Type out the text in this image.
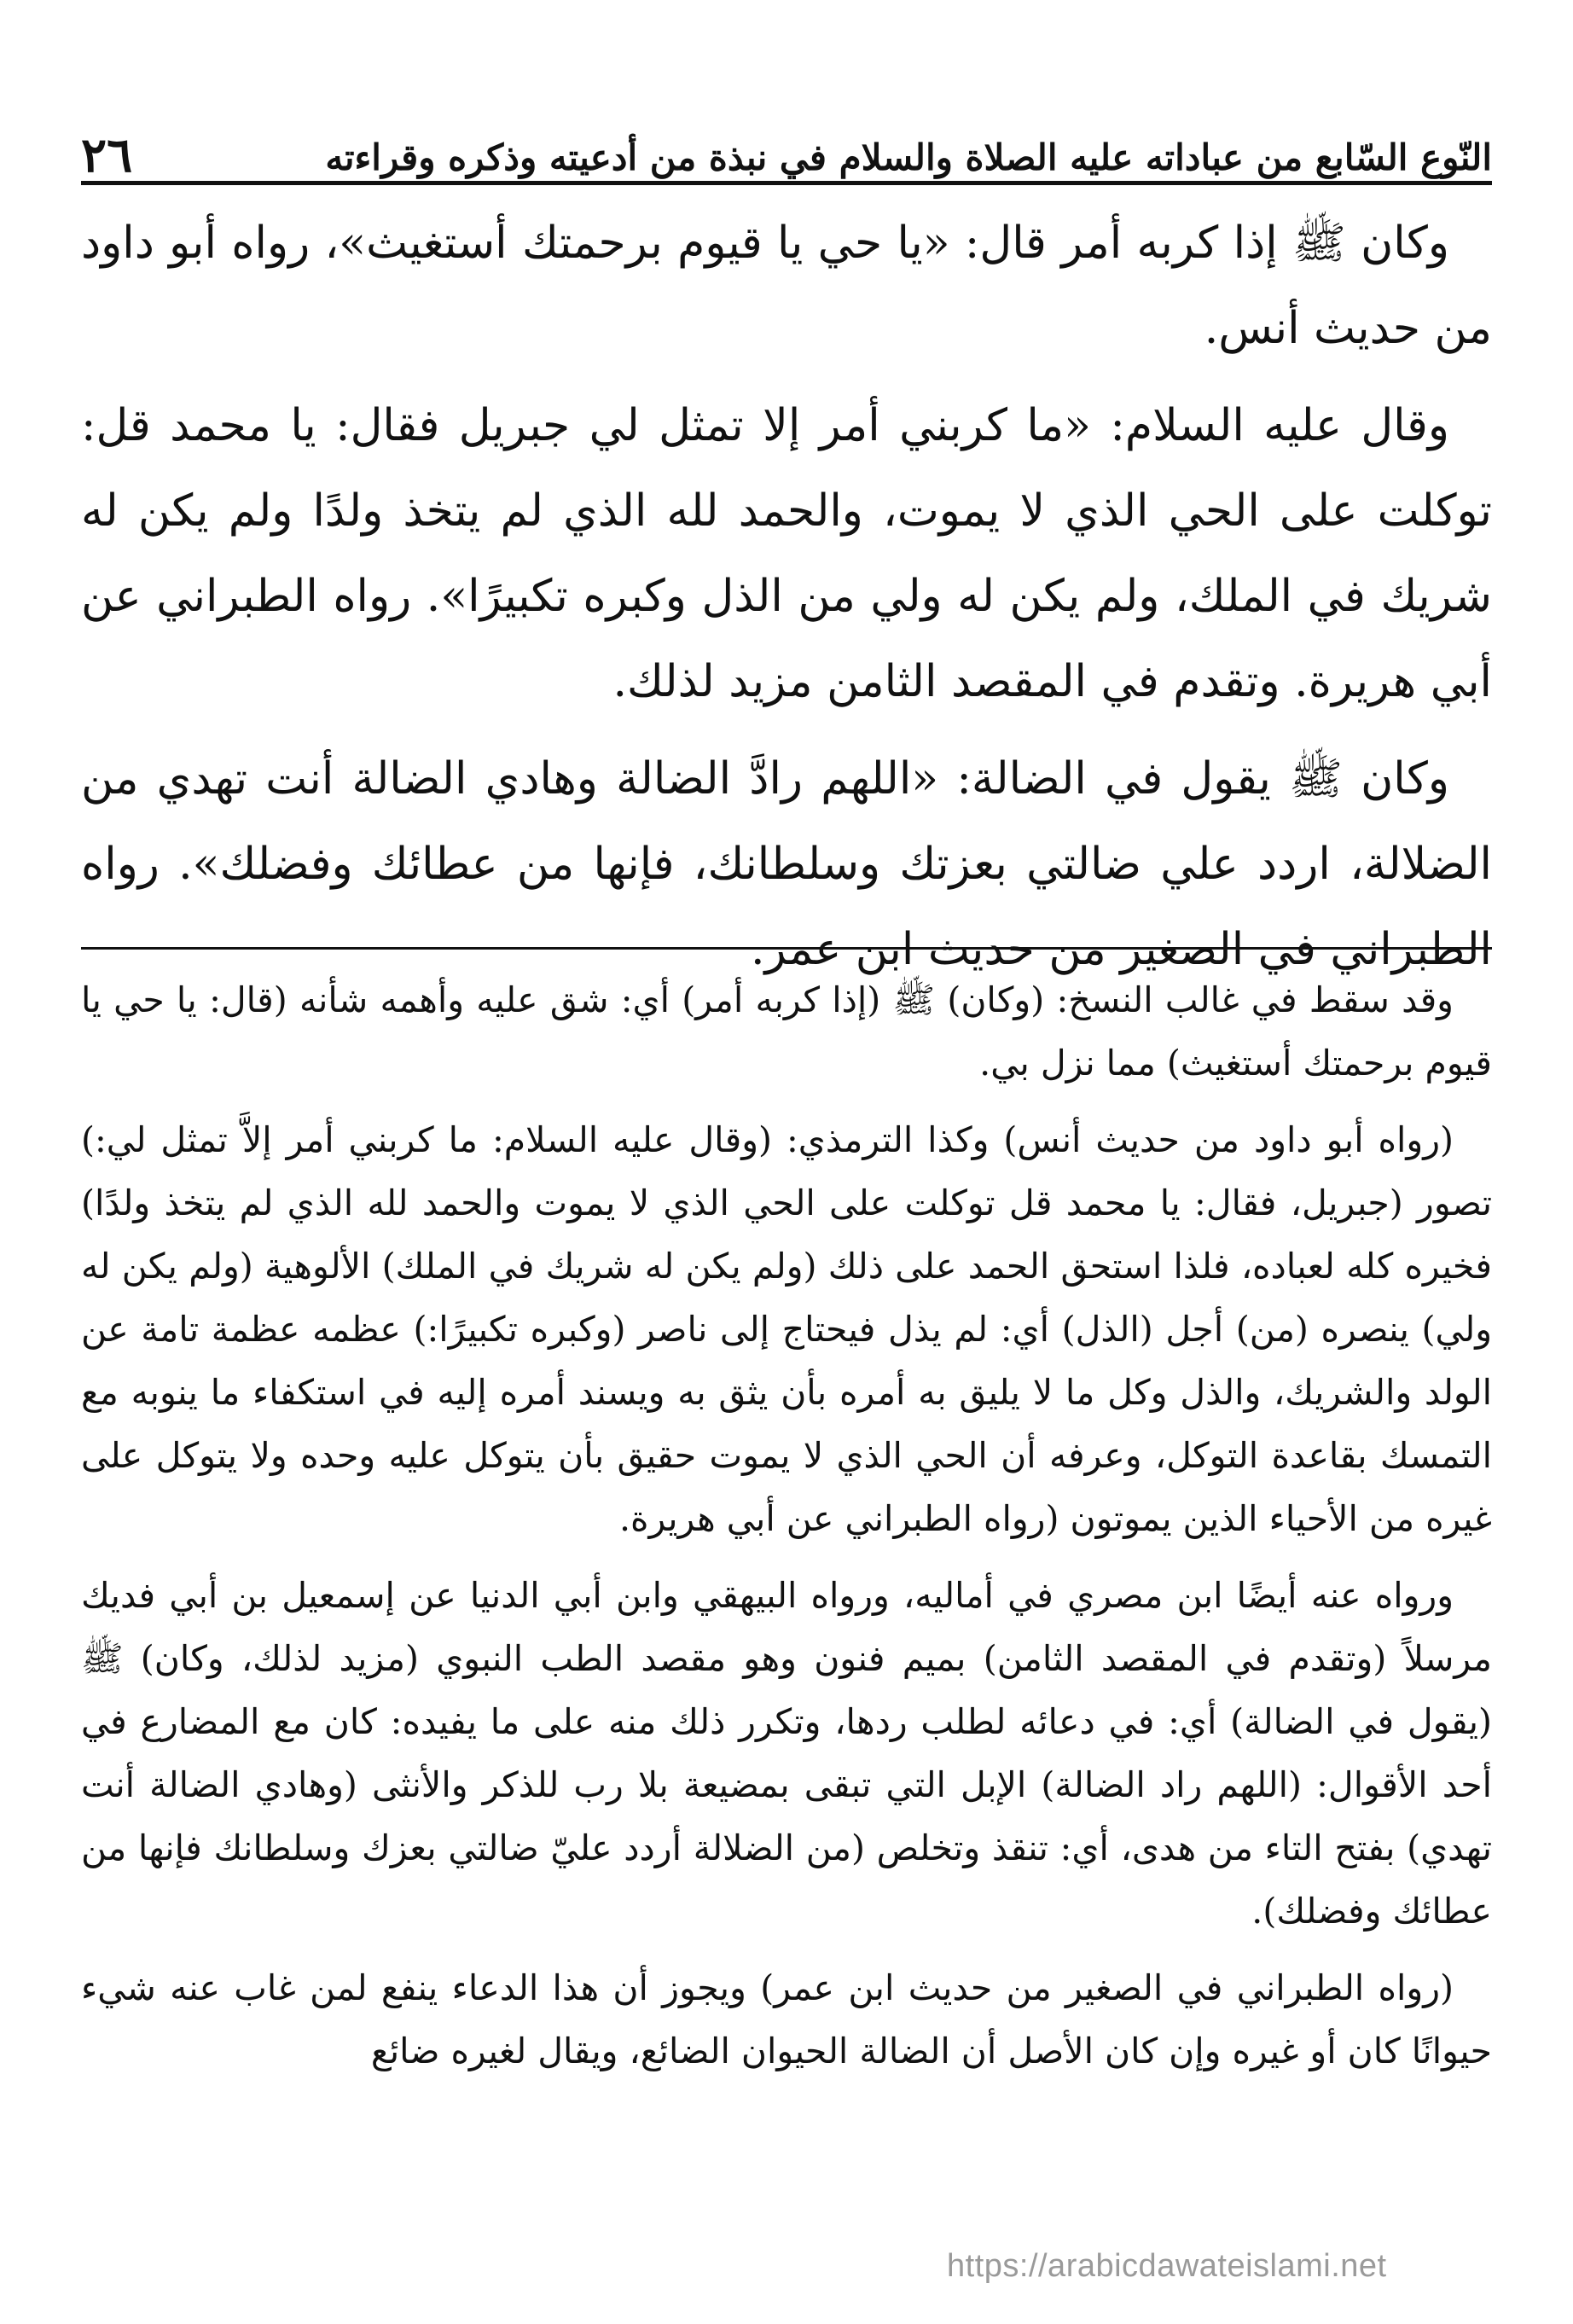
النّوع السّابع من عباداته عليه الصلاة والسلام في نبذة من أدعيته وذكره وقراءته
٢٦

وكان ﷺ إذا كربه أمر قال: «يا حي يا قيوم برحمتك أستغيث»، رواه أبو داود من حديث أنس.

وقال عليه السلام: «ما كربني أمر إلا تمثل لي جبريل فقال: يا محمد قل: توكلت على الحي الذي لا يموت، والحمد لله الذي لم يتخذ ولدًا ولم يكن له شريك في الملك، ولم يكن له ولي من الذل وكبره تكبيرًا». رواه الطبراني عن أبي هريرة. وتقدم في المقصد الثامن مزيد لذلك.

وكان ﷺ يقول في الضالة: «اللهم رادَّ الضالة وهادي الضالة أنت تهدي من الضلالة، اردد علي ضالتي بعزتك وسلطانك، فإنها من عطائك وفضلك». رواه الطبراني في الصغير من حديث ابن عمر.

وقد سقط في غالب النسخ: (وكان) ﷺ (إذا كربه أمر) أي: شق عليه وأهمه شأنه (قال: يا حي يا قيوم برحمتك أستغيث) مما نزل بي.

(رواه أبو داود من حديث أنس) وكذا الترمذي: (وقال عليه السلام: ما كربني أمر إلاَّ تمثل لي:) تصور (جبريل، فقال: يا محمد قل توكلت على الحي الذي لا يموت والحمد لله الذي لم يتخذ ولدًا) فخيره كله لعباده، فلذا استحق الحمد على ذلك (ولم يكن له شريك في الملك) الألوهية (ولم يكن له ولي) ينصره (من) أجل (الذل) أي: لم يذل فيحتاج إلى ناصر (وكبره تكبيرًا:) عظمه عظمة تامة عن الولد والشريك، والذل وكل ما لا يليق به أمره بأن يثق به ويسند أمره إليه في استكفاء ما ينوبه مع التمسك بقاعدة التوكل، وعرفه أن الحي الذي لا يموت حقيق بأن يتوكل عليه وحده ولا يتوكل على غيره من الأحياء الذين يموتون (رواه الطبراني عن أبي هريرة.

ورواه عنه أيضًا ابن مصري في أماليه، ورواه البيهقي وابن أبي الدنيا عن إسمعيل بن أبي فديك مرسلاً (وتقدم في المقصد الثامن) بميم فنون وهو مقصد الطب النبوي (مزيد لذلك، وكان) ﷺ (يقول في الضالة) أي: في دعائه لطلب ردها، وتكرر ذلك منه على ما يفيده: كان مع المضارع في أحد الأقوال: (اللهم راد الضالة) الإبل التي تبقى بمضيعة بلا رب للذكر والأنثى (وهادي الضالة أنت تهدي) بفتح التاء من هدى، أي: تنقذ وتخلص (من الضلالة أردد عليّ ضالتي بعزك وسلطانك فإنها من عطائك وفضلك).

(رواه الطبراني في الصغير من حديث ابن عمر) ويجوز أن هذا الدعاء ينفع لمن غاب عنه شيء حيوانًا كان أو غيره وإن كان الأصل أن الضالة الحيوان الضائع، ويقال لغيره ضائع

https://arabicdawateislami.net
